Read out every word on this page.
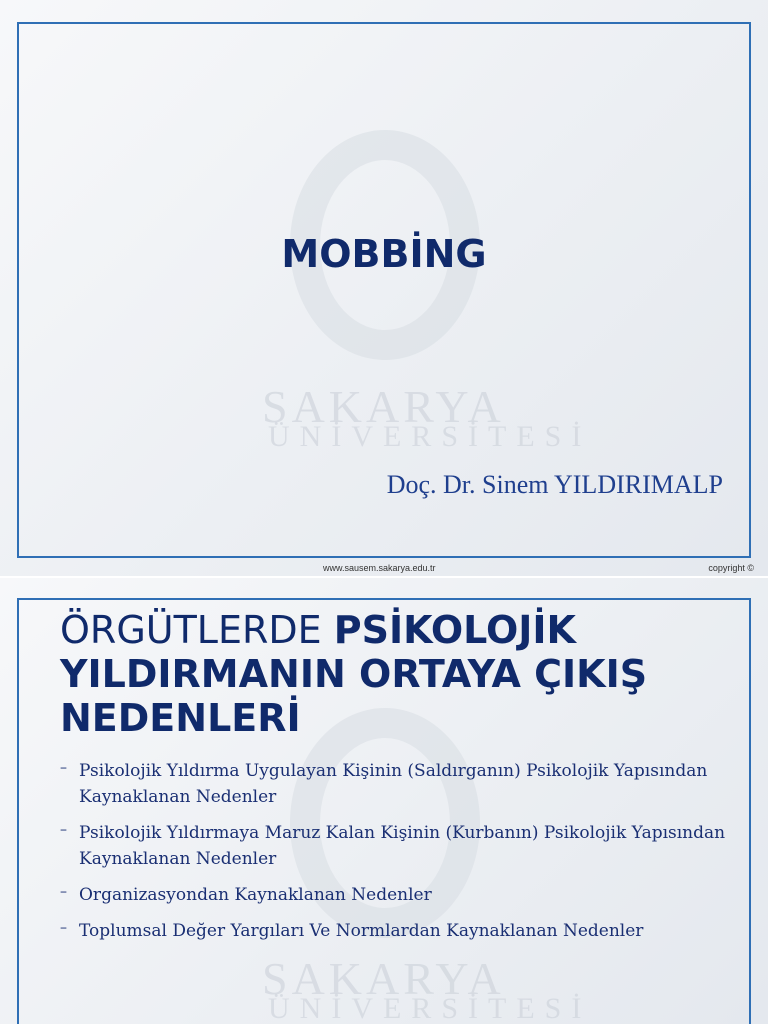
SAKARYA
ÜNİVERSİTESİ
MOBBİNG

Doç. Dr. Sinem YILDIRIMALP

www.sausem.sakarya.edu.tr	copyright ©
SAKARYA
ÜNİVERSİTESİ
ÖRGÜTLERDE PSİKOLOJİK YILDIRMANIN ORTAYA ÇIKIŞ NEDENLERİ
– Psikolojik Yıldırma Uygulayan Kişinin (Saldırganın) Psikolojik Yapısından Kaynaklanan Nedenler
– Psikolojik Yıldırmaya Maruz Kalan Kişinin (Kurbanın) Psikolojik Yapısından Kaynaklanan Nedenler
– Organizasyondan Kaynaklanan Nedenler
– Toplumsal Değer Yargıları Ve Normlardan Kaynaklanan Nedenler
